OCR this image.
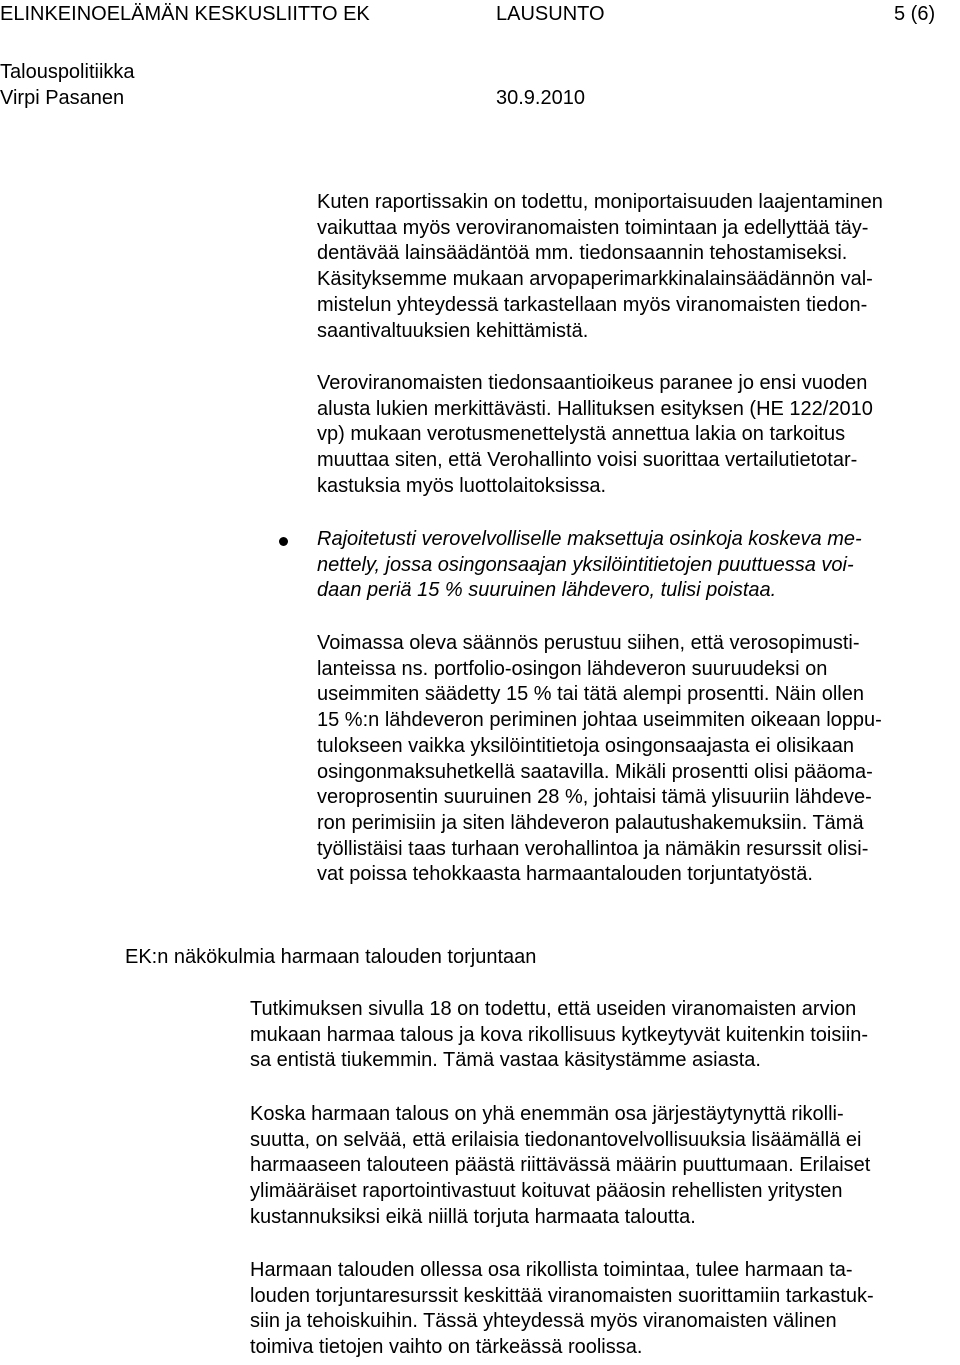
ELINKEINOELÄMÄN KESKUSLIITTO EK	LAUSUNTO	5 (6)
Talouspolitiikka
Virpi Pasanen	30.9.2010
Kuten raportissakin on todettu, moniportaisuuden laajentaminen
vaikuttaa myös veroviranomaisten toimintaan ja edellyttää täy-
dentävää lainsäädäntöä mm. tiedonsaannin tehostamiseksi.
Käsityksemme mukaan arvopaperimarkkinalainsäädännön val-
mistelun yhteydessä tarkastellaan myös viranomaisten tiedon-
saantivaltuuksien kehittämistä.
Veroviranomaisten tiedonsaantioikeus paranee jo ensi vuoden
alusta lukien merkittävästi. Hallituksen esityksen (HE 122/2010
vp) mukaan verotusmenettelystä annettua lakia on tarkoitus
muuttaa siten, että Verohallinto voisi suorittaa vertailutietotar-
kastuksia myös luottolaitoksissa.
Rajoitetusti verovelvolliselle maksettuja osinkoja koskeva me-
nettely, jossa osingonsaajan yksilöintitietojen puuttuessa voi-
daan periä 15 % suuruinen lähdevero, tulisi poistaa.
Voimassa oleva säännös perustuu siihen, että verosopimusti-
lanteissa ns. portfolio-osingon lähdeveron suuruudeksi on
useimmiten säädetty 15 % tai tätä alempi prosentti. Näin ollen
15 %:n lähdeveron periminen johtaa useimmiten oikeaan loppu-
tulokseen vaikka yksilöintitietoja osingonsaajasta ei olisikaan
osingonmaksuhetkellä saatavilla. Mikäli prosentti olisi pääoma-
veroprosentin suuruinen 28 %, johtaisi tämä ylisuuriin lähdeve-
ron perimisiin ja siten lähdeveron palautushakemuksiin. Tämä
työllistäisi taas turhaan verohallintoa ja nämäkin resurssit olisi-
vat poissa tehokkaasta harmaantalouden torjuntatyöstä.
EK:n näkökulmia harmaan talouden torjuntaan
Tutkimuksen sivulla 18 on todettu, että useiden viranomaisten arvion
mukaan harmaa talous ja kova rikollisuus kytkeytyvät kuitenkin toisiin-
sa entistä tiukemmin. Tämä vastaa käsitystämme asiasta.
Koska harmaan talous on yhä enemmän osa järjestäytynyttä rikolli-
suutta, on selvää, että erilaisia tiedonantovelvollisuuksia lisäämällä ei
harmaaseen talouteen päästä riittävässä määrin puuttumaan. Erilaiset
ylimääräiset raportointivastuut koituvat pääosin rehellisten yritysten
kustannuksiksi eikä niillä torjuta harmaata taloutta.
Harmaan talouden ollessa osa rikollista toimintaa, tulee harmaan ta-
louden torjuntaresurssit keskittää viranomaisten suorittamiin tarkastuk-
siin ja tehoiskuihin. Tässä yhteydessä myös viranomaisten välinen
toimiva tietojen vaihto on tärkeässä roolissa.
